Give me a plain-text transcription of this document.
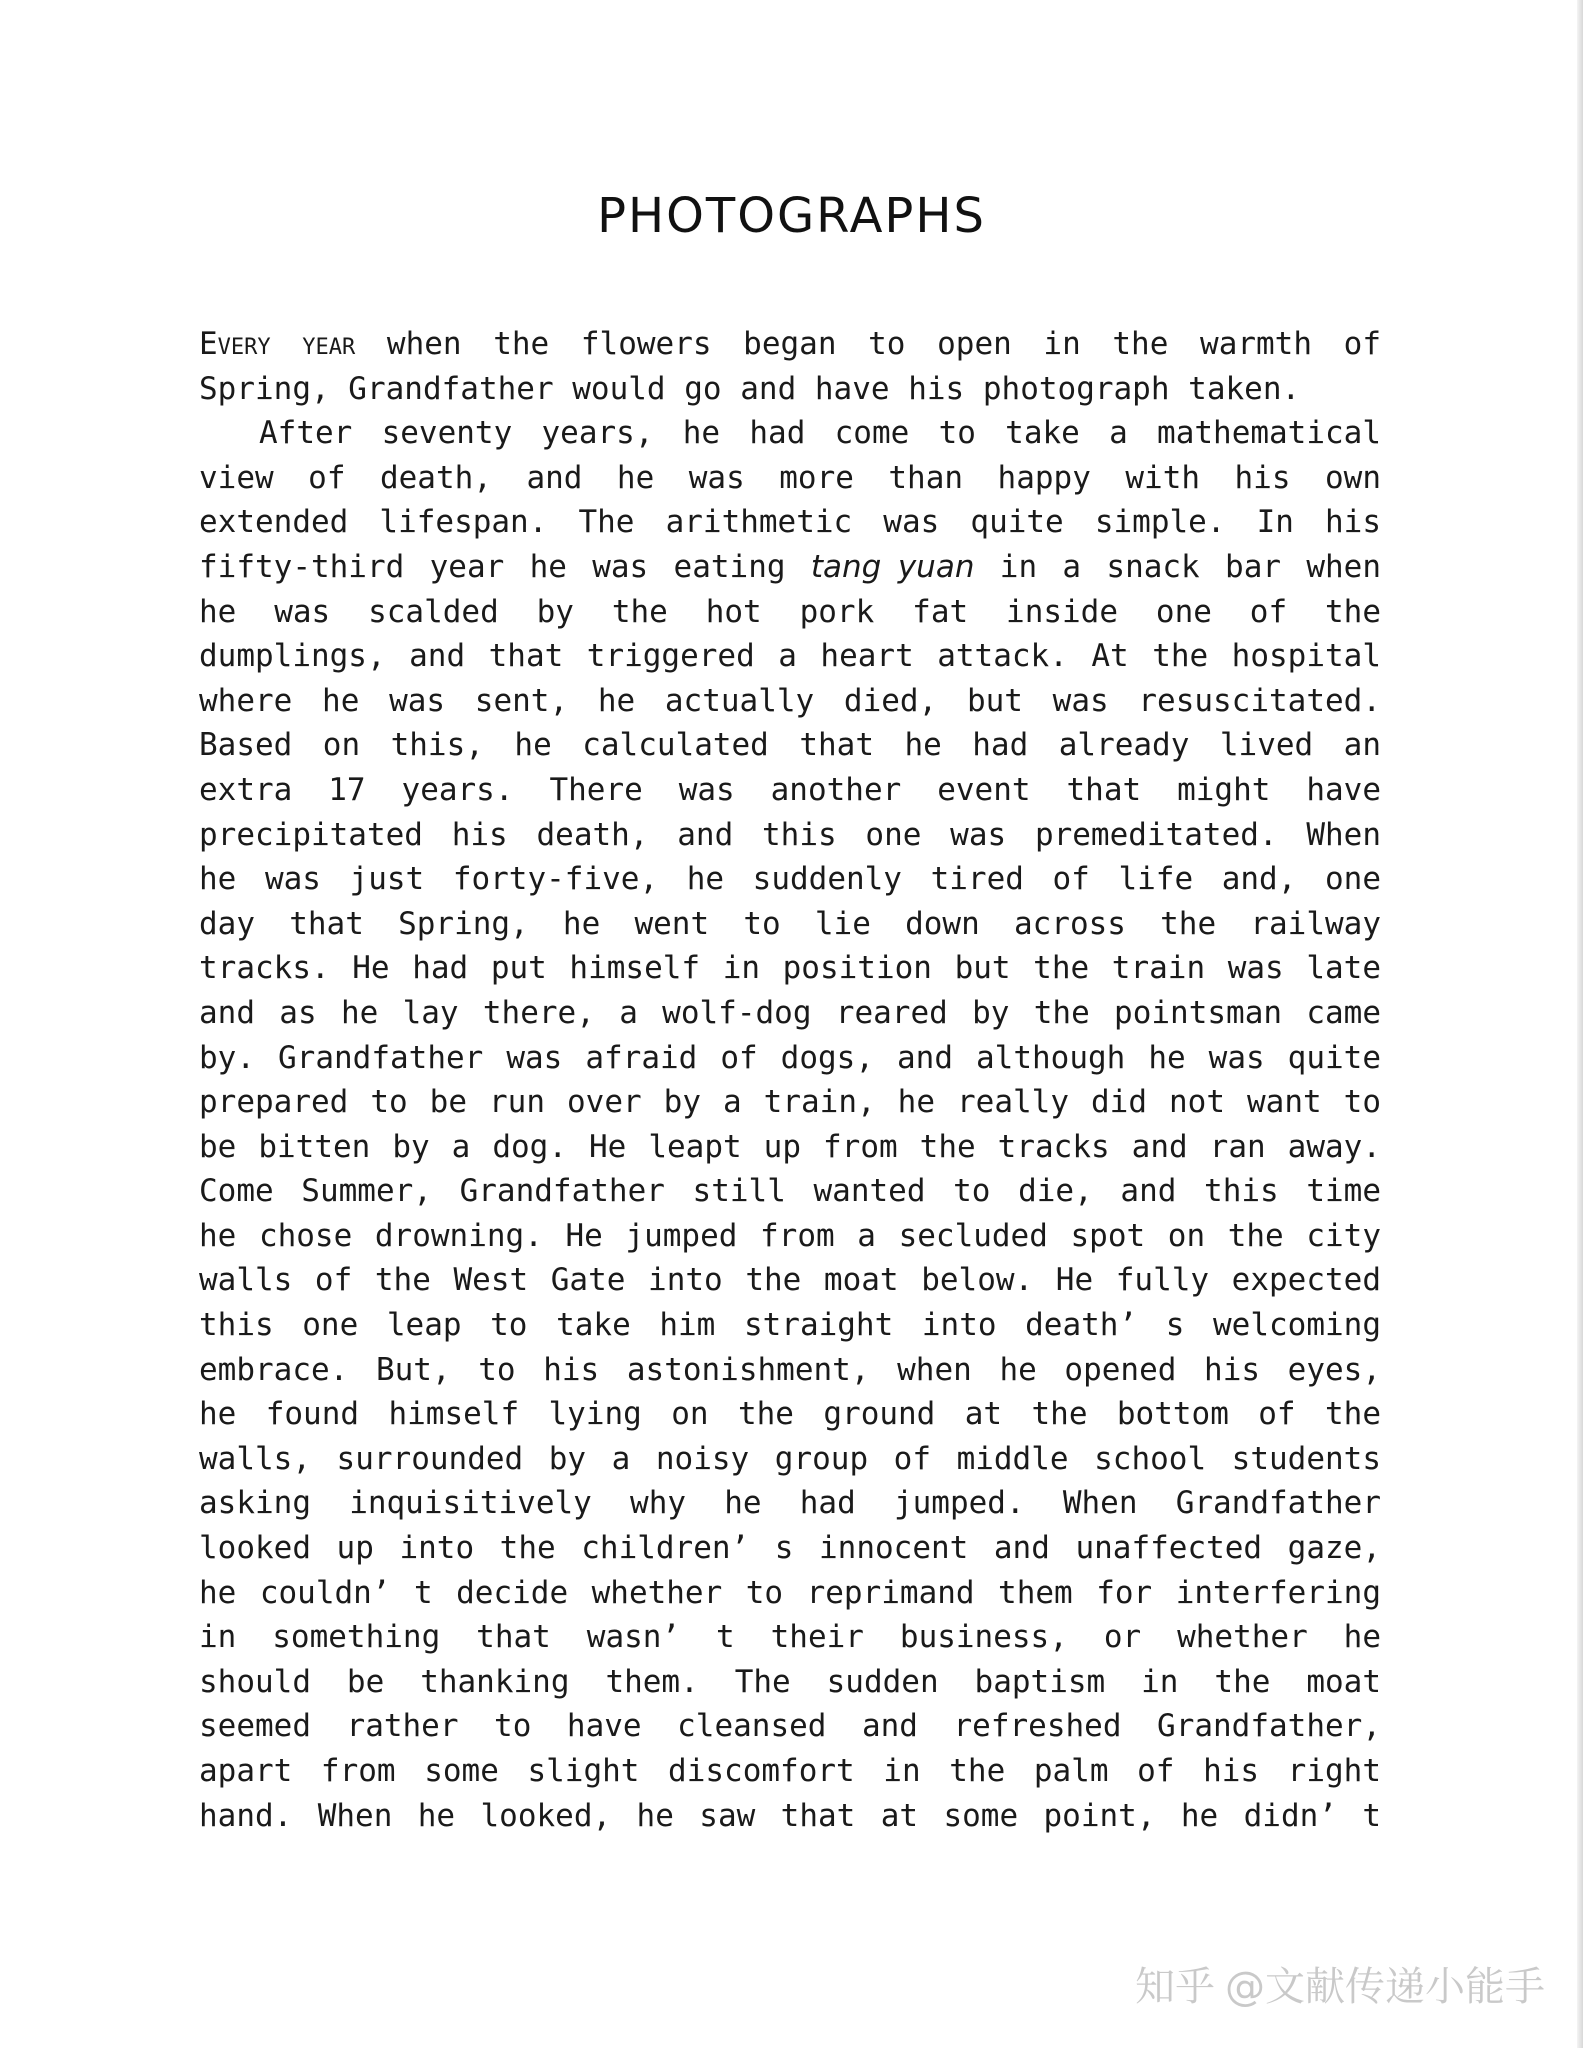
PHOTOGRAPHS
Every year when the flowers began to open in the warmth of
Spring, Grandfather would go and have his photograph taken.
After seventy years, he had come to take a mathematical
view of death, and he was more than happy with his own
extended lifespan. The arithmetic was quite simple. In his
fifty-third year he was eating tang yuan in a snack bar when
he was scalded by the hot pork fat inside one of the
dumplings, and that triggered a heart attack. At the hospital
where he was sent, he actually died, but was resuscitated.
Based on this, he calculated that he had already lived an
extra 17 years. There was another event that might have
precipitated his death, and this one was premeditated. When
he was just forty-five, he suddenly tired of life and, one
day that Spring, he went to lie down across the railway
tracks. He had put himself in position but the train was late
and as he lay there, a wolf-dog reared by the pointsman came
by. Grandfather was afraid of dogs, and although he was quite
prepared to be run over by a train, he really did not want to
be bitten by a dog. He leapt up from the tracks and ran away.
Come Summer, Grandfather still wanted to die, and this time
he chose drowning. He jumped from a secluded spot on the city
walls of the West Gate into the moat below. He fully expected
this one leap to take him straight into death’ s welcoming
embrace. But, to his astonishment, when he opened his eyes,
he found himself lying on the ground at the bottom of the
walls, surrounded by a noisy group of middle school students
asking inquisitively why he had jumped. When Grandfather
looked up into the children’ s innocent and unaffected gaze,
he couldn’ t decide whether to reprimand them for interfering
in something that wasn’ t their business, or whether he
should be thanking them. The sudden baptism in the moat
seemed rather to have cleansed and refreshed Grandfather,
apart from some slight discomfort in the palm of his right
hand. When he looked, he saw that at some point, he didn’ t
知乎 @文献传递小能手
